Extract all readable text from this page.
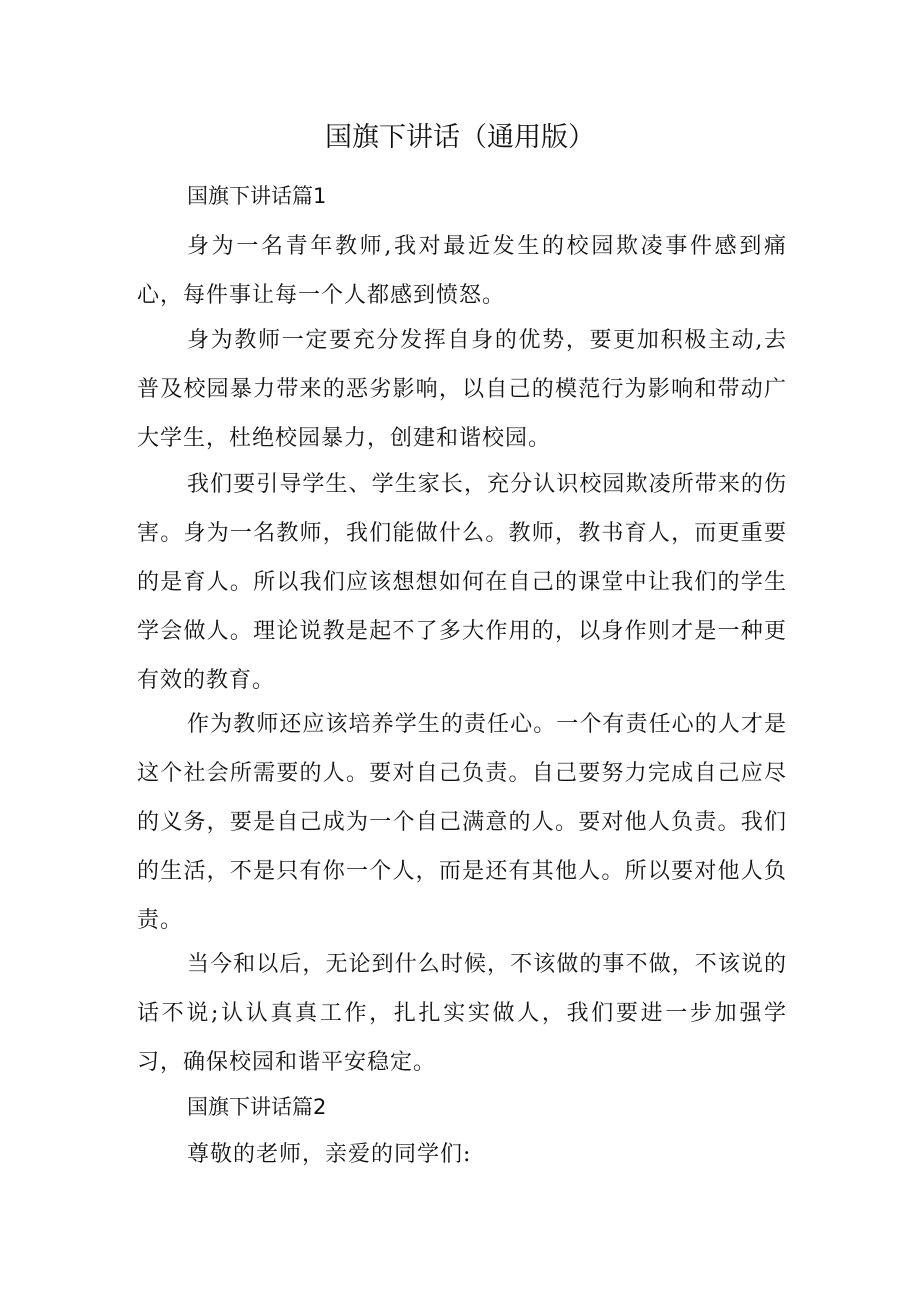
国旗下讲话（通用版）
国旗下讲话篇1

身为一名青年教师,我对最近发生的校园欺凌事件感到痛心，每件事让每一个人都感到愤怒。

身为教师一定要充分发挥自身的优势，要更加积极主动,去普及校园暴力带来的恶劣影响，以自己的模范行为影响和带动广大学生，杜绝校园暴力，创建和谐校园。

我们要引导学生、学生家长，充分认识校园欺凌所带来的伤害。身为一名教师，我们能做什么。教师，教书育人，而更重要的是育人。所以我们应该想想如何在自己的课堂中让我们的学生学会做人。理论说教是起不了多大作用的，以身作则才是一种更有效的教育。

作为教师还应该培养学生的责任心。一个有责任心的人才是这个社会所需要的人。要对自己负责。自己要努力完成自己应尽的义务，要是自己成为一个自己满意的人。要对他人负责。我们的生活，不是只有你一个人，而是还有其他人。所以要对他人负责。

当今和以后，无论到什么时候，不该做的事不做，不该说的话不说;认认真真工作，扎扎实实做人，我们要进一步加强学习，确保校园和谐平安稳定。

国旗下讲话篇2

尊敬的老师，亲爱的同学们:
